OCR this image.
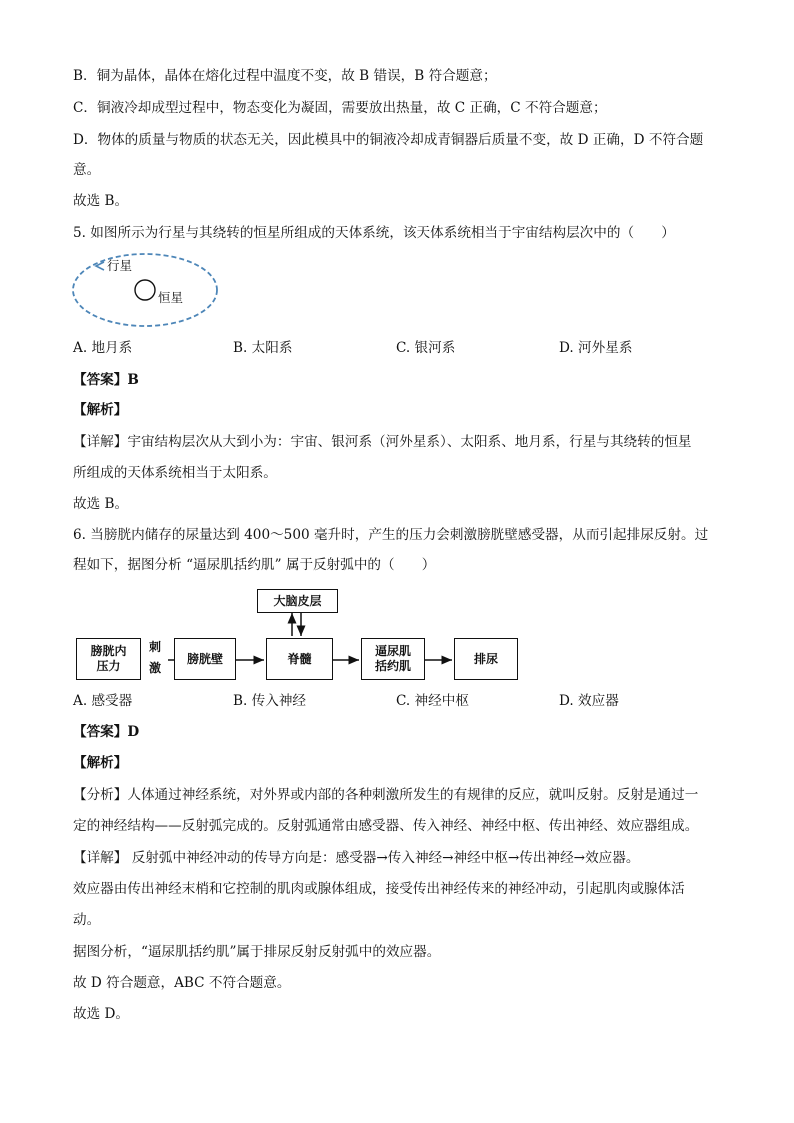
B．铜为晶体，晶体在熔化过程中温度不变，故 B 错误，B 符合题意；
C．铜液冷却成型过程中，物态变化为凝固，需要放出热量，故 C 正确，C 不符合题意；
D．物体的质量与物质的状态无关，因此模具中的铜液冷却成青铜器后质量不变，故 D 正确，D 不符合题
意。
故选 B。
5. 如图所示为行星与其绕转的恒星所组成的天体系统，该天体系统相当于宇宙结构层次中的（　　）
行星
恒星
A. 地月系	B. 太阳系	C. 银河系	D. 河外星系
【答案】B
【解析】
【详解】宇宙结构层次从大到小为：宇宙、银河系（河外星系）、太阳系、地月系，行星与其绕转的恒星
所组成的天体系统相当于太阳系。
故选 B。
6. 当膀胱内储存的尿量达到 400～500 毫升时，产生的压力会刺激膀胱壁感受器，从而引起排尿反射。过
程如下，据图分析 “逼尿肌括约肌” 属于反射弧中的（　　）
大脑皮层
膀胱内压力
刺
激
膀胱壁	脊髓
逼尿肌括约肌
排尿
A. 感受器	B. 传入神经	C. 神经中枢	D. 效应器
【答案】D
【解析】
【分析】人体通过神经系统，对外界或内部的各种刺激所发生的有规律的反应，就叫反射。反射是通过一
定的神经结构——反射弧完成的。反射弧通常由感受器、传入神经、神经中枢、传出神经、效应器组成。
【详解】 反射弧中神经冲动的传导方向是：感受器→传入神经→神经中枢→传出神经→效应器。
效应器由传出神经末梢和它控制的肌肉或腺体组成，接受传出神经传来的神经冲动，引起肌肉或腺体活
动。
据图分析，“逼尿肌括约肌”属于排尿反射反射弧中的效应器。
故 D 符合题意，ABC 不符合题意。
故选 D。
